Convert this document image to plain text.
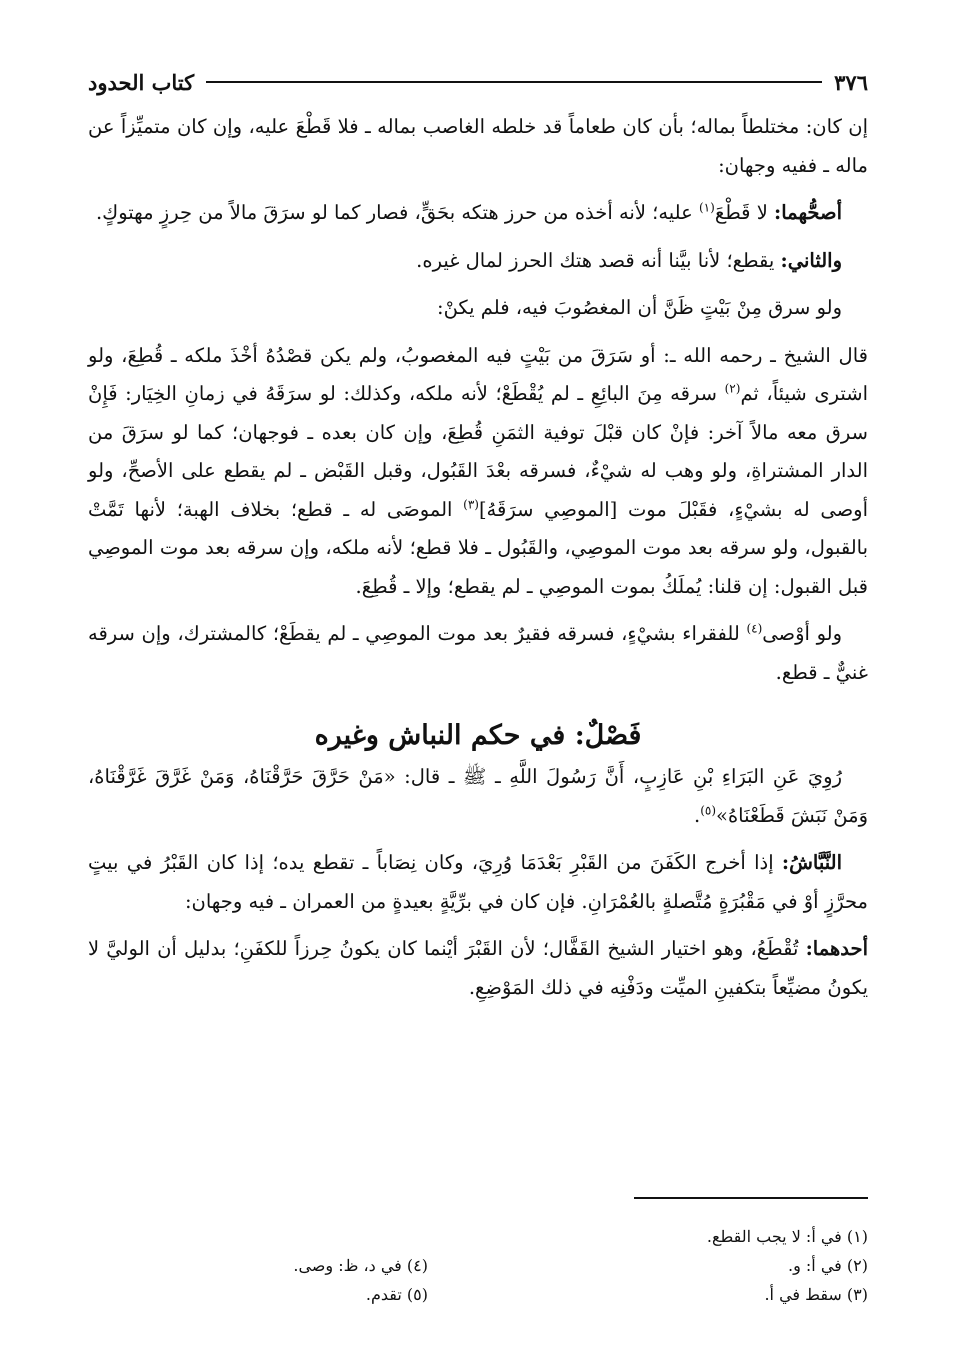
٣٧٦
كتاب الحدود

إن كان: مختلطاً بماله؛ بأن كان طعاماً قد خلطه الغاصب بماله ـ فلا قَطْعَ عليه، وإن كان متميِّزاً عن ماله ـ ففيه وجهان:

أصحُّهما: لا قَطْعَ$^{(١)}$ عليه؛ لأنه أخذه من حرز هتكه بحَقٍّ، فصار كما لو سرَقَ مالاً من حِرزٍ مهتوكٍ.

والثاني: يقطع؛ لأنا بيَّنا أنه قصد هتك الحرز لمال غيره.

ولو سرق مِنْ بَيْتٍ ظَنَّ أن المغصُوبَ فيه، فلم يكنْ:

قال الشيخ ـ رحمه الله ـ: أو سَرَقَ من بَيْتٍ فيه المغصوبُ، ولم يكن قصْدُهُ أخْذَ ملكه ـ قُطِعَ، ولو اشترى شيئاً، ثم$^{(٢)}$ سرقه مِنَ البائِعِ ـ لم يُقْطَعْ؛ لأنه ملكه، وكذلك: لو سرَقَهُ في زمانِ الخِيَار: فَإِنْ سرق معه مالاً آخر: فإنْ كان قبْلَ توفية الثمَنِ قُطِعَ، وإن كان بعده ـ فوجهان؛ كما لو سرَقَ من الدار المشتراةِ، ولو وهب له شيْءٌ، فسرقه بعْدَ القَبُول، وقبل القَبْض ـ لم يقطع على الأصحِّ، ولو أوصى له بشيْءٍ، فقَبْلَ موت [الموصِي سرَقَهُ]$^{(٣)}$ الموصَى له ـ قطع؛ بخلاف الهبة؛ لأنها تَمَّتْ بالقبول، ولو سرقه بعد موت الموصِي، والقَبُول ـ فلا قطع؛ لأنه ملكه، وإن سرقه بعد موت الموصِي قبل القبول: إن قلنا: يُملَكُ بموت الموصِي ـ لم يقطع؛ وإلا ـ قُطِعَ.

ولو أوْصى$^{(٤)}$ للفقراء بشيْءٍ، فسرقه فقيرٌ بعد موت الموصِي ـ لم يقطَعْ؛ كالمشترك، وإن سرقه غنيٌّ ـ قطع.

فَصْلٌ: في حكم النباش وغيره

رُوِيَ عَنِ البَرَاءِ بْنِ عَازِبٍ، أَنَّ رَسُولَ اللَّهِ ـ ﷺ ـ قال: «مَنْ حَرَّقَ حَرَّقْنَاهُ، وَمَنْ غَرَّقَ غَرَّقْنَاهُ، وَمَنْ نَبَشَ قَطَعْنَاهُ»$^{(٥)}$.

النَّبَّاشُ: إذا أخرج الكَفَنَ من القَبْرِ بَعْدَمَا وُرِيَ، وكان نِصَاباً ـ تقطع يده؛ إذا كان القَبْرُ في بيتٍ محرَّزٍ أوْ في مَقْبُرَةٍ مُتَّصلةٍ بالعُمْرَانِ. فإن كان في برِّيَّةٍ بعيدةٍ من العمران ـ فيه وجهان:

أحدهما: تُقْطَعُ، وهو اختيار الشيخ القَفَّال؛ لأن القَبْرَ أيْنما كان يكونُ حِرزاً للكفَنِ؛ بدليل أن الوليَّ لا يكونُ مضيِّعاً بتكفينِ الميِّت ودَفْنِه في ذلك المَوْضِعِ.

(١) في أ: لا يجب القطع.
(٢) في أ: و.
(٣) سقط في أ.
(٤) في د، ظ: وصى.
(٥) تقدم.
